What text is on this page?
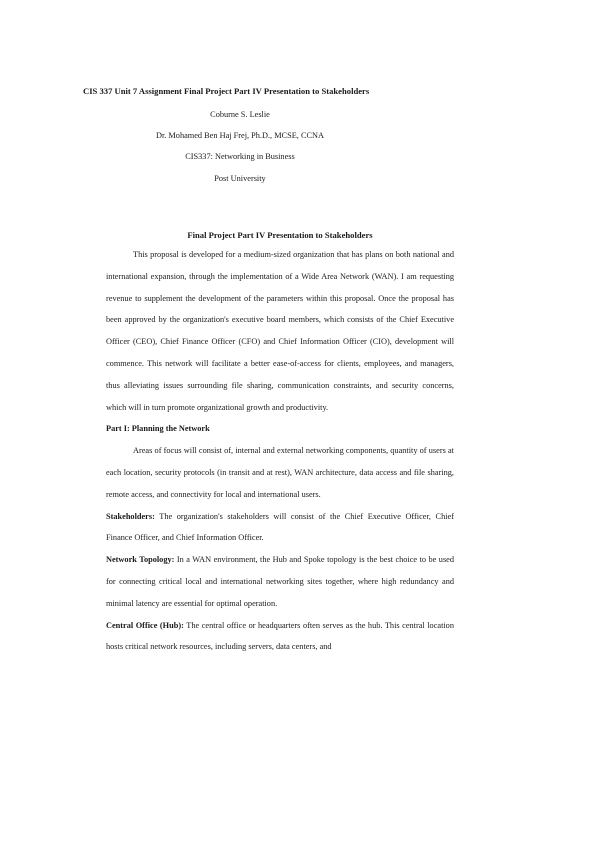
CIS 337 Unit 7 Assignment Final Project Part IV Presentation to Stakeholders
Coburne S. Leslie
Dr. Mohamed Ben Haj Frej, Ph.D., MCSE, CCNA
CIS337: Networking in Business
Post University
Final Project Part IV Presentation to Stakeholders

This proposal is developed for a medium-sized organization that has plans on both national and international expansion, through the implementation of a Wide Area Network (WAN). I am requesting revenue to supplement the development of the parameters within this proposal. Once the proposal has been approved by the organization's executive board members, which consists of the Chief Executive Officer (CEO), Chief Finance Officer (CFO) and Chief Information Officer (CIO), development will commence. This network will facilitate a better ease-of-access for clients, employees, and managers, thus alleviating issues surrounding file sharing, communication constraints, and security concerns, which will in turn promote organizational growth and productivity.

Part I: Planning the Network

Areas of focus will consist of, internal and external networking components, quantity of users at each location, security protocols (in transit and at rest), WAN architecture, data access and file sharing, remote access, and connectivity for local and international users.

Stakeholders: The organization's stakeholders will consist of the Chief Executive Officer, Chief Finance Officer, and Chief Information Officer.

Network Topology: In a WAN environment, the Hub and Spoke topology is the best choice to be used for connecting critical local and international networking sites together, where high redundancy and minimal latency are essential for optimal operation.

Central Office (Hub): The central office or headquarters often serves as the hub. This central location hosts critical network resources, including servers, data centers, and
